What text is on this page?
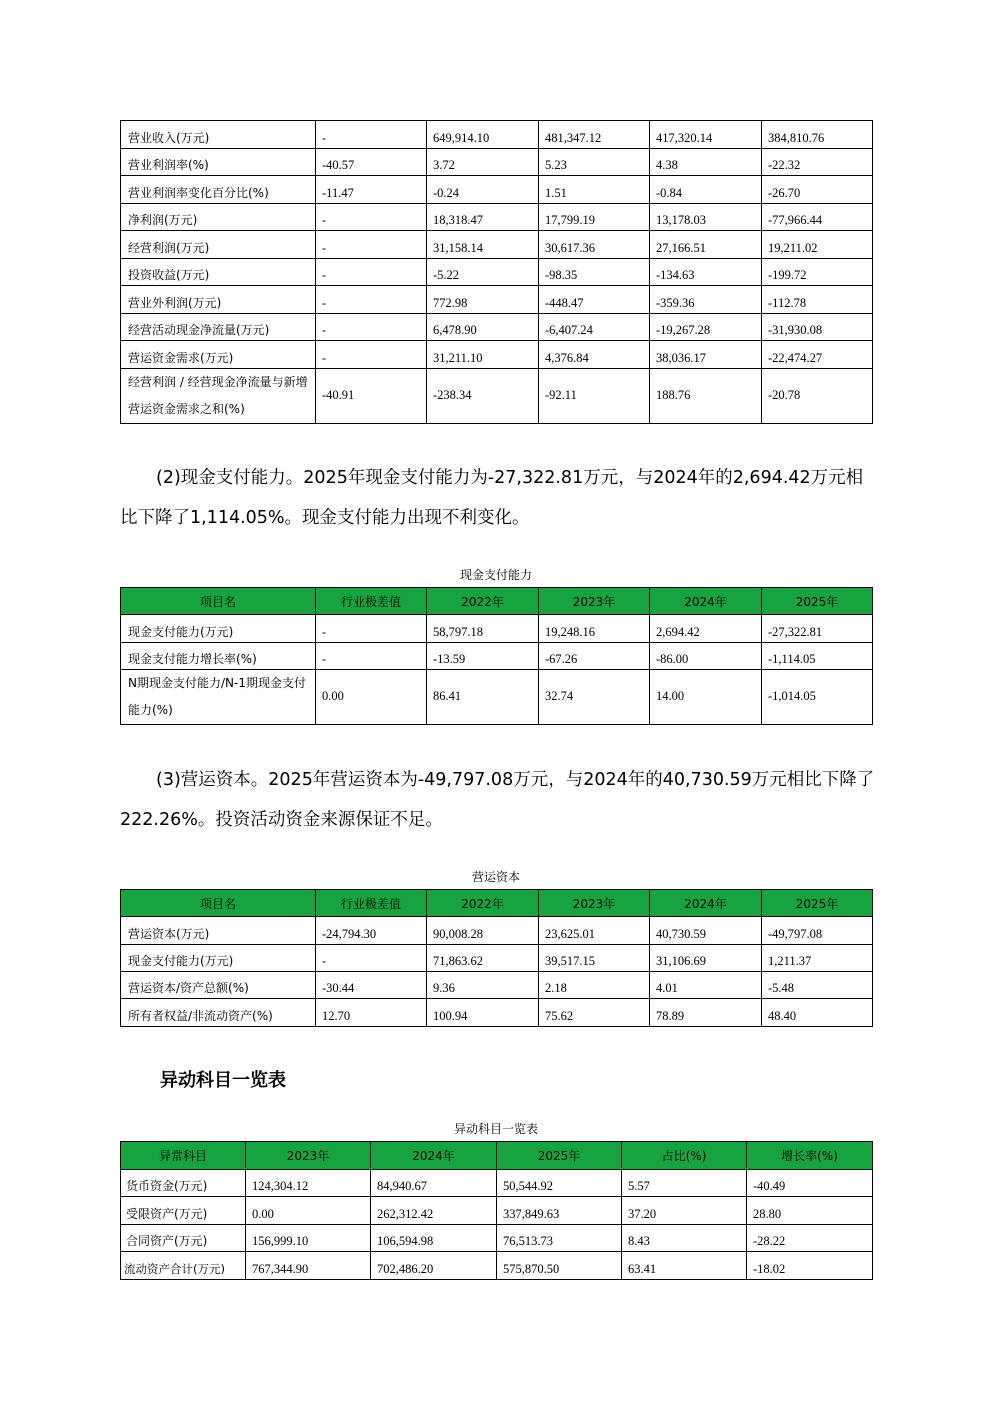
营业收入(万元)	-	649,914.10	481,347.12	417,320.14	384,810.76
营业利润率(%)	-40.57	3.72	5.23	4.38	-22.32
营业利润率变化百分比(%)	-11.47	-0.24	1.51	-0.84	-26.70
净利润(万元)	-	18,318.47	17,799.19	13,178.03	-77,966.44
经营利润(万元)	-	31,158.14	30,617.36	27,166.51	19,211.02
投资收益(万元)	-	-5.22	-98.35	-134.63	-199.72
营业外利润(万元)	-	772.98	-448.47	-359.36	-112.78
经营活动现金净流量(万元)	-	6,478.90	-6,407.24	-19,267.28	-31,930.08
营运资金需求(万元)	-	31,211.10	4,376.84	38,036.17	-22,474.27
经营利润 / 经营现金净流量与新增营运资金需求之和(%)	-40.91	-238.34	-92.11	188.76	-20.78
(2)现金支付能力。2025年现金支付能力为-27,322.81万元，与2024年的2,694.42万元相比下降了1,114.05%。现金支付能力出现不利变化。
现金支付能力
项目名	行业极差值	2022年	2023年	2024年	2025年
现金支付能力(万元)	-	58,797.18	19,248.16	2,694.42	-27,322.81
现金支付能力增长率(%)	-	-13.59	-67.26	-86.00	-1,114.05
N期现金支付能力/N-1期现金支付能力(%)	0.00	86.41	32.74	14.00	-1,014.05
(3)营运资本。2025年营运资本为-49,797.08万元，与2024年的40,730.59万元相比下降了222.26%。投资活动资金来源保证不足。
营运资本
项目名	行业极差值	2022年	2023年	2024年	2025年
营运资本(万元)	-24,794.30	90,008.28	23,625.01	40,730.59	-49,797.08
现金支付能力(万元)	-	71,863.62	39,517.15	31,106.69	1,211.37
营运资本/资产总额(%)	-30.44	9.36	2.18	4.01	-5.48
所有者权益/非流动资产(%)	12.70	100.94	75.62	78.89	48.40
异动科目一览表
异动科目一览表
异常科目	2023年	2024年	2025年	占比(%)	增长率(%)
货币资金(万元)	124,304.12	84,940.67	50,544.92	5.57	-40.49
受限资产(万元)	0.00	262,312.42	337,849.63	37.20	28.80
合同资产(万元)	156,999.10	106,594.98	76,513.73	8.43	-28.22
流动资产合计(万元)	767,344.90	702,486.20	575,870.50	63.41	-18.02
